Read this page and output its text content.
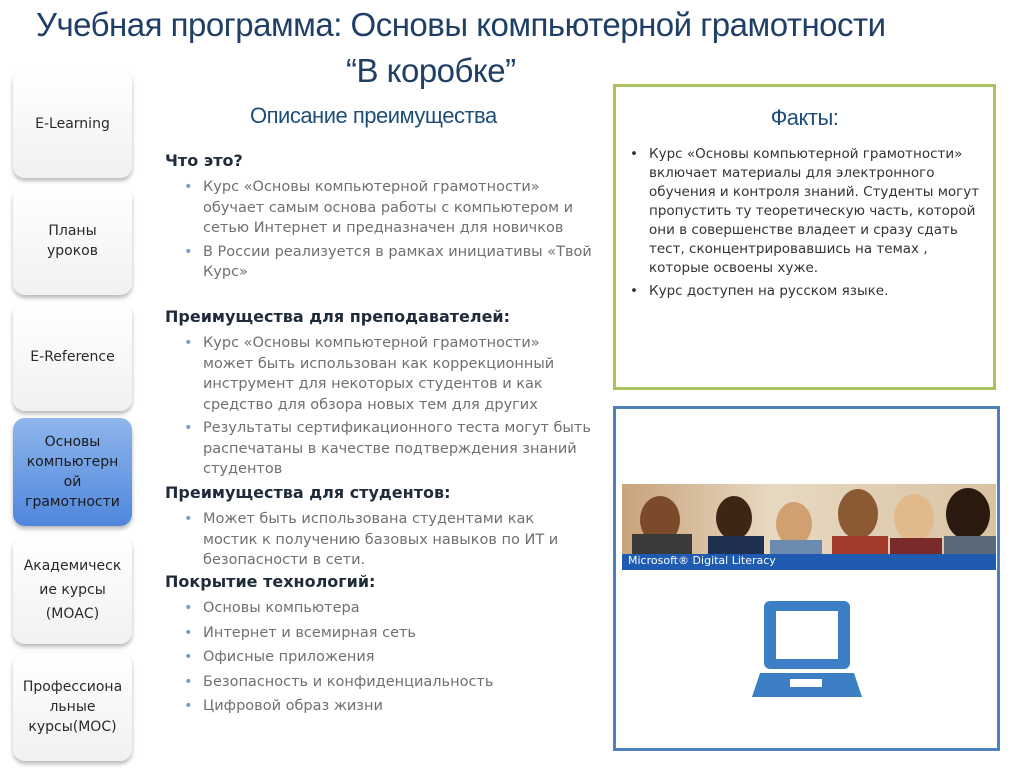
Учебная программа: Основы компьютерной грамотности
“В коробке”
E-Learning
Планы
уроков
E-Reference
Основы
компьютерн
ой
грамотности
Академическ
ие курсы
(МОАС)
Профессиона
льные
курсы(МОС)
Описание преимущества
Что это?
• Курс «Основы компьютерной грамотности» обучает самым основа работы с компьютером и сетью Интернет и предназначен для новичков
• В России реализуется в рамках инициативы «Твой Курс»
Преимущества для преподавателей:
• Курс «Основы компьютерной грамотности» может быть использован как коррекционный инструмент для некоторых студентов и как средство для обзора новых тем для других
• Результаты сертификационного теста могут быть распечатаны в качестве подтверждения знаний студентов
Преимущества для студентов:
• Может быть использована студентами как мостик к получению базовых навыков по ИТ и безопасности в сети.
Покрытие технологий:
• Основы компьютера
• Интернет и всемирная сеть
• Офисные приложения
• Безопасность и конфиденциальность
• Цифровой образ жизни
Факты:
• Курс «Основы компьютерной грамотности» включает материалы для электронного обучения и контроля знаний. Студенты могут пропустить ту теоретическую часть, которой они в совершенстве владеет и сразу сдать тест, сконцентрировавшись на темах , которые освоены хуже.
• Курс доступен на русском языке.
Microsoft® Digital Literacy
